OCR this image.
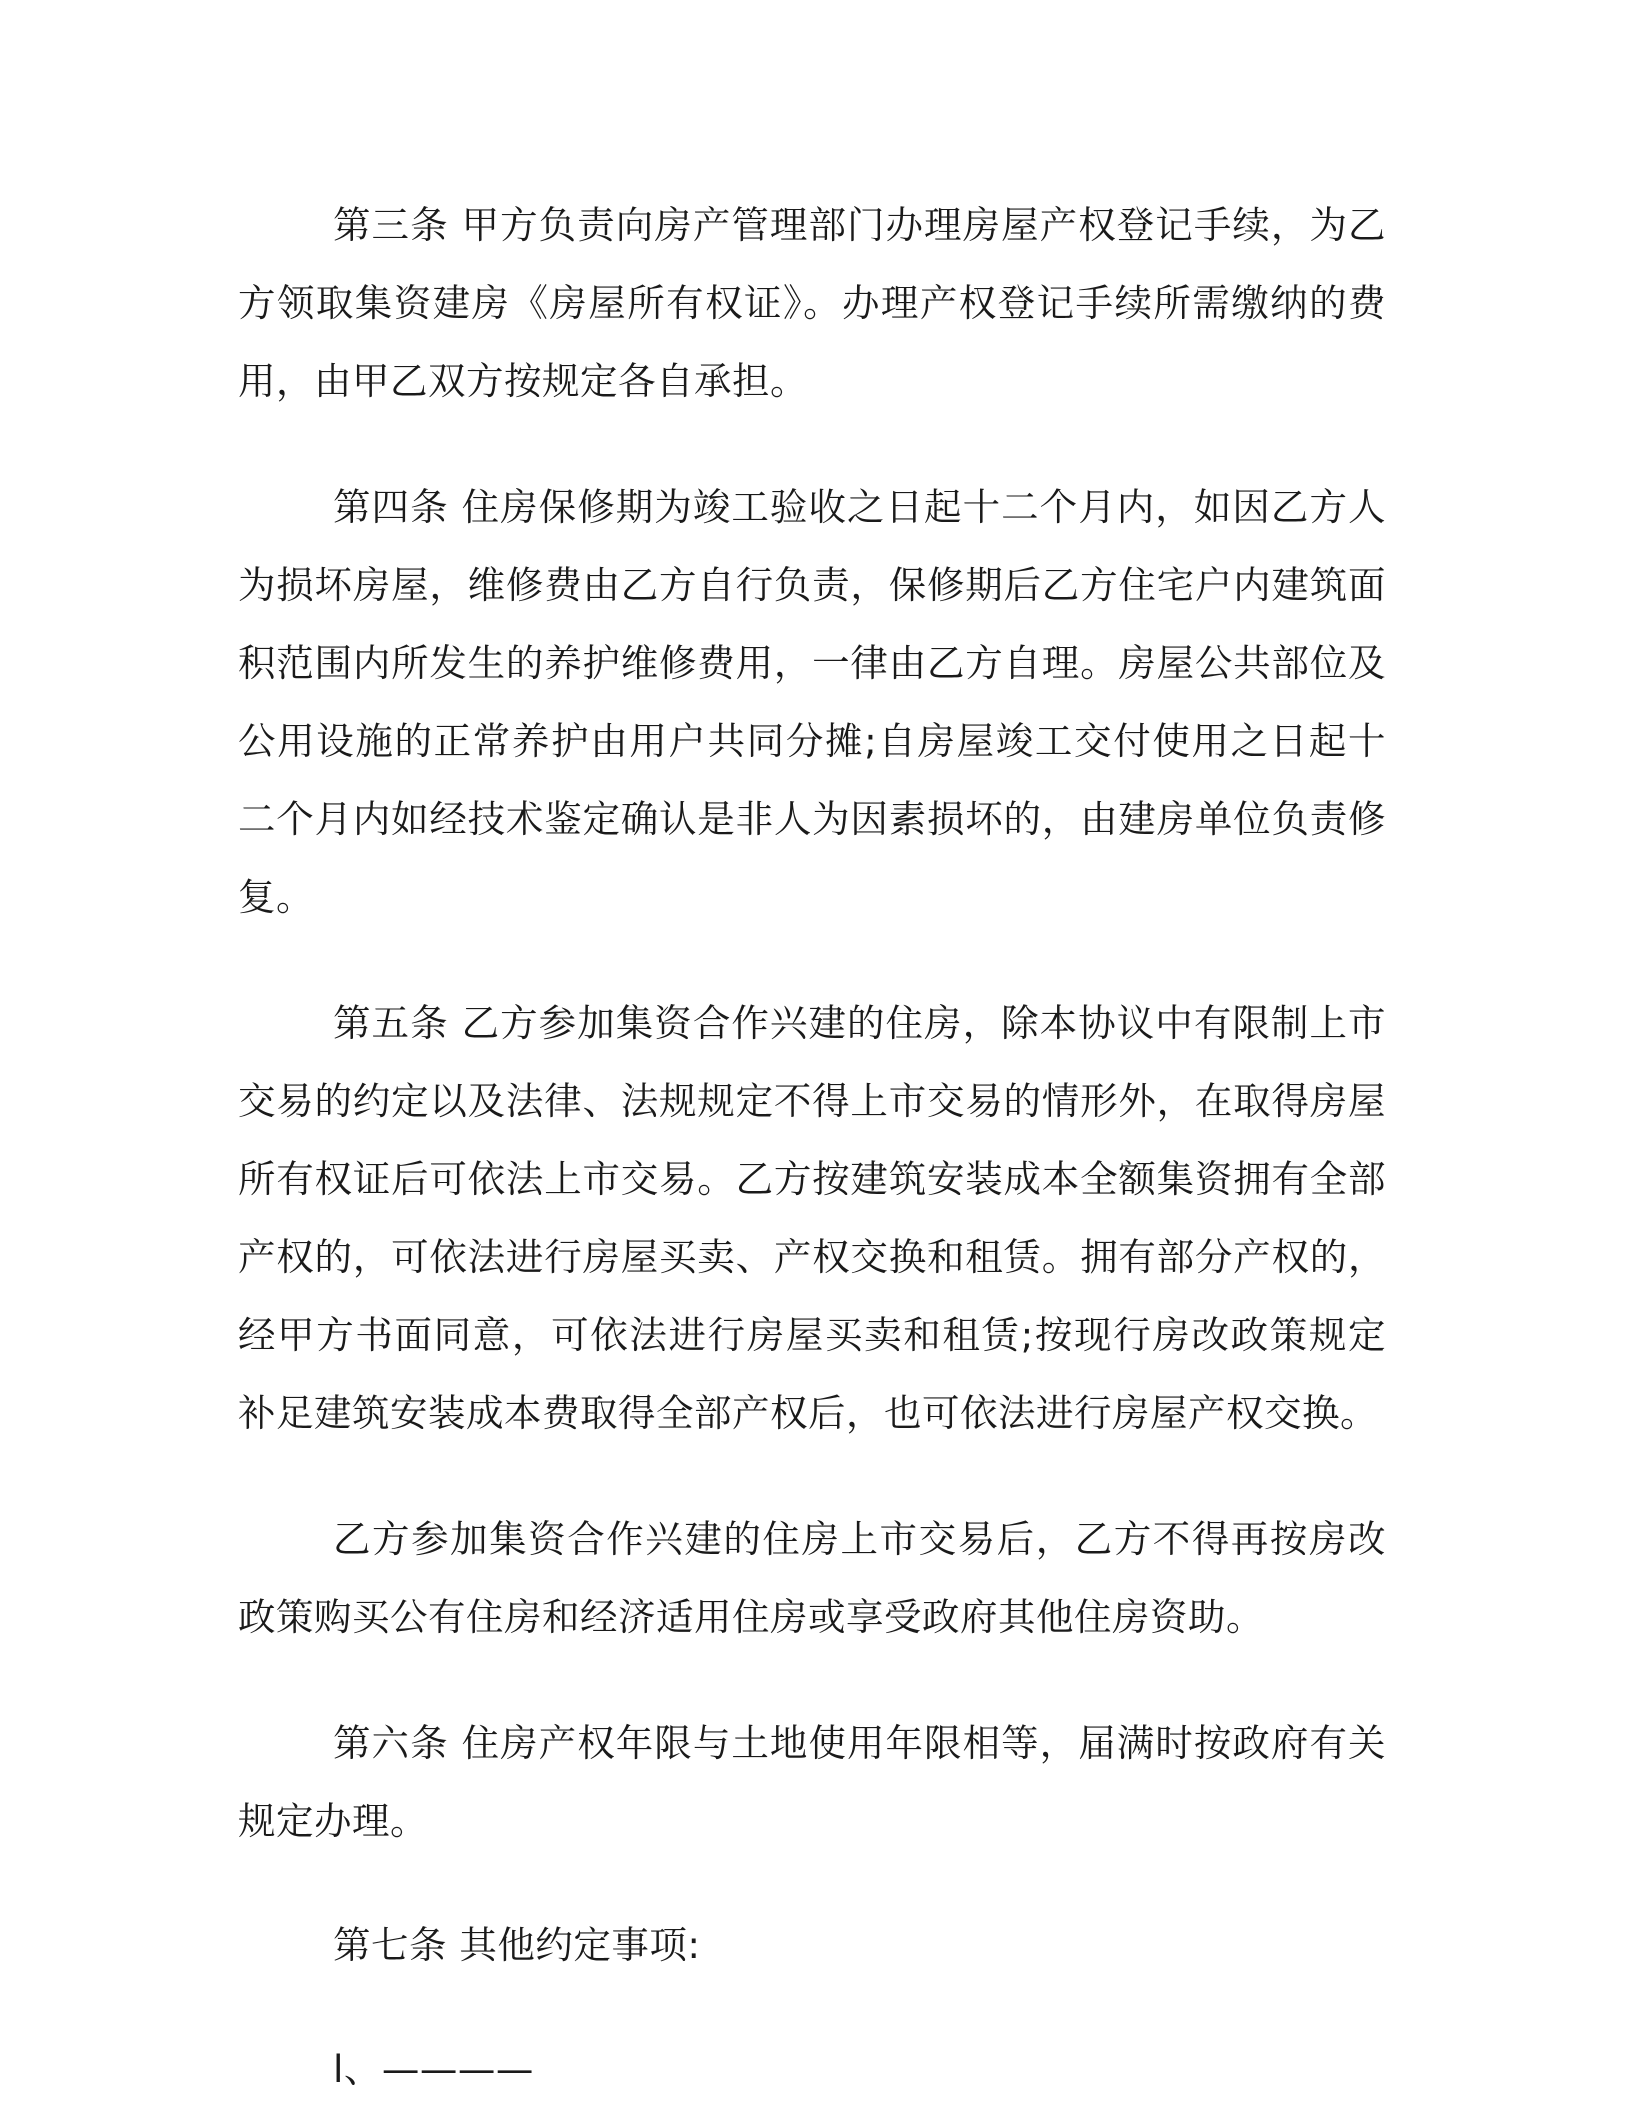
第三条 甲方负责向房产管理部门办理房屋产权登记手续，为乙方领取集资建房《房屋所有权证》。办理产权登记手续所需缴纳的费用，由甲乙双方按规定各自承担。

第四条 住房保修期为竣工验收之日起十二个月内，如因乙方人为损坏房屋，维修费由乙方自行负责，保修期后乙方住宅户内建筑面积范围内所发生的养护维修费用，一律由乙方自理。房屋公共部位及公用设施的正常养护由用户共同分摊;自房屋竣工交付使用之日起十二个月内如经技术鉴定确认是非人为因素损坏的，由建房单位负责修复。

第五条 乙方参加集资合作兴建的住房，除本协议中有限制上市交易的约定以及法律、法规规定不得上市交易的情形外，在取得房屋所有权证后可依法上市交易。乙方按建筑安装成本全额集资拥有全部产权的，可依法进行房屋买卖、产权交换和租赁。拥有部分产权的，经甲方书面同意，可依法进行房屋买卖和租赁;按现行房改政策规定补足建筑安装成本费取得全部产权后，也可依法进行房屋产权交换。

乙方参加集资合作兴建的住房上市交易后，乙方不得再按房改政策购买公有住房和经济适用住房或享受政府其他住房资助。

第六条 住房产权年限与土地使用年限相等，届满时按政府有关规定办理。

第七条 其他约定事项:

l、————
